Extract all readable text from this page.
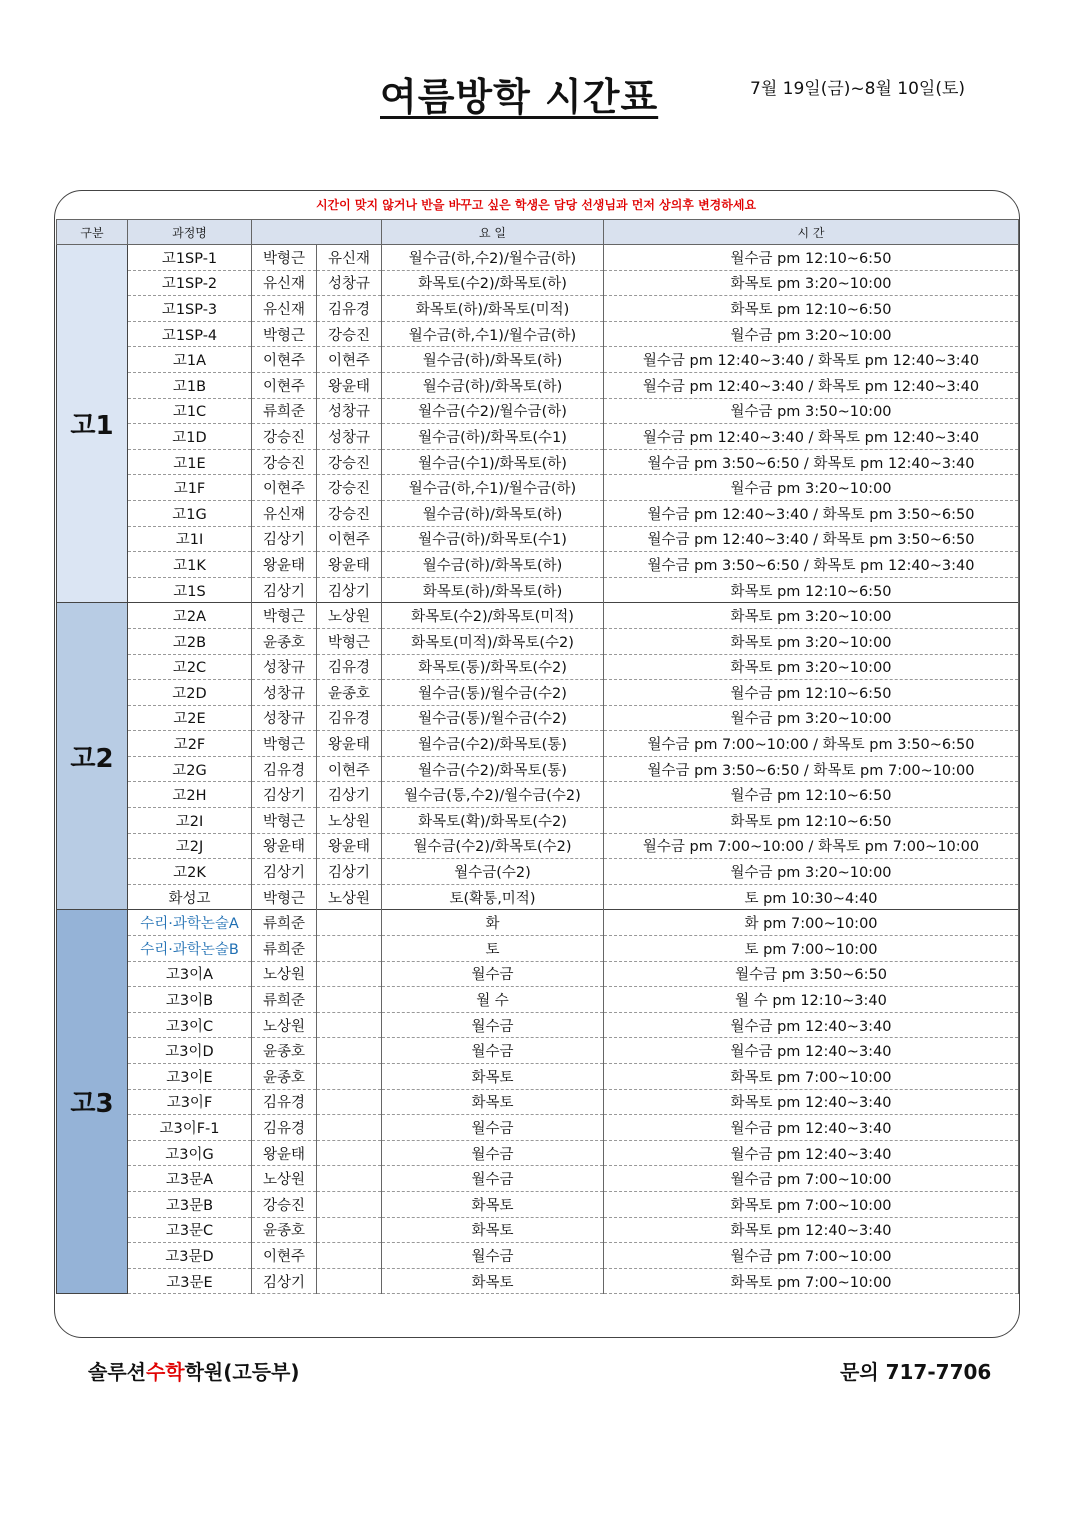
여름방학 시간표	7월 19일(금)~8월 10일(토)
시간이 맞지 않거나 반을 바꾸고 싶은 학생은 담당 선생님과 먼저 상의후 변경하세요
구분	과정명			요 일	시 간
고1	고1SP-1	박형근	유신재	월수금(하,수2)/월수금(하)	월수금 pm 12:10~6:50
	고1SP-2	유신재	성창규	화목토(수2)/화목토(하)	화목토 pm 3:20~10:00
	고1SP-3	유신재	김유경	화목토(하)/화목토(미적)	화목토 pm 12:10~6:50
	고1SP-4	박형근	강승진	월수금(하,수1)/월수금(하)	월수금 pm 3:20~10:00
	고1A	이현주	이현주	월수금(하)/화목토(하)	월수금 pm 12:40~3:40 / 화목토 pm 12:40~3:40
	고1B	이현주	왕윤태	월수금(하)/화목토(하)	월수금 pm 12:40~3:40 / 화목토 pm 12:40~3:40
	고1C	류희준	성창규	월수금(수2)/월수금(하)	월수금 pm 3:50~10:00
	고1D	강승진	성창규	월수금(하)/화목토(수1)	월수금 pm 12:40~3:40 / 화목토 pm 12:40~3:40
	고1E	강승진	강승진	월수금(수1)/화목토(하)	월수금 pm 3:50~6:50 / 화목토 pm 12:40~3:40
	고1F	이현주	강승진	월수금(하,수1)/월수금(하)	월수금 pm 3:20~10:00
	고1G	유신재	강승진	월수금(하)/화목토(하)	월수금 pm 12:40~3:40 / 화목토 pm 3:50~6:50
	고1I	김상기	이현주	월수금(하)/화목토(수1)	월수금 pm 12:40~3:40 / 화목토 pm 3:50~6:50
	고1K	왕윤태	왕윤태	월수금(하)/화목토(하)	월수금 pm 3:50~6:50 / 화목토 pm 12:40~3:40
	고1S	김상기	김상기	화목토(하)/화목토(하)	화목토 pm 12:10~6:50
고2	고2A	박형근	노상원	화목토(수2)/화목토(미적)	화목토 pm 3:20~10:00
	고2B	윤종호	박형근	화목토(미적)/화목토(수2)	화목토 pm 3:20~10:00
	고2C	성창규	김유경	화목토(통)/화목토(수2)	화목토 pm 3:20~10:00
	고2D	성창규	윤종호	월수금(통)/월수금(수2)	월수금 pm 12:10~6:50
	고2E	성창규	김유경	월수금(통)/월수금(수2)	월수금 pm 3:20~10:00
	고2F	박형근	왕윤태	월수금(수2)/화목토(통)	월수금 pm 7:00~10:00 / 화목토 pm 3:50~6:50
	고2G	김유경	이현주	월수금(수2)/화목토(통)	월수금 pm 3:50~6:50 / 화목토 pm 7:00~10:00
	고2H	김상기	김상기	월수금(통,수2)/월수금(수2)	월수금 pm 12:10~6:50
	고2I	박형근	노상원	화목토(확)/화목토(수2)	화목토 pm 12:10~6:50
	고2J	왕윤태	왕윤태	월수금(수2)/화목토(수2)	월수금 pm 7:00~10:00 / 화목토 pm 7:00~10:00
	고2K	김상기	김상기	월수금(수2)	월수금 pm 3:20~10:00
	화성고	박형근	노상원	토(확통,미적)	토 pm 10:30~4:40
고3	수리·과학논술A	류희준		화	화 pm 7:00~10:00
	수리·과학논술B	류희준		토	토 pm 7:00~10:00
	고3이A	노상원		월수금	월수금 pm 3:50~6:50
	고3이B	류희준		월 수	월 수 pm 12:10~3:40
	고3이C	노상원		월수금	월수금 pm 12:40~3:40
	고3이D	윤종호		월수금	월수금 pm 12:40~3:40
	고3이E	윤종호		화목토	화목토 pm 7:00~10:00
	고3이F	김유경		화목토	화목토 pm 12:40~3:40
	고3이F-1	김유경		월수금	월수금 pm 12:40~3:40
	고3이G	왕윤태		월수금	월수금 pm 12:40~3:40
	고3문A	노상원		월수금	월수금 pm 7:00~10:00
	고3문B	강승진		화목토	화목토 pm 7:00~10:00
	고3문C	윤종호		화목토	화목토 pm 12:40~3:40
	고3문D	이현주		월수금	월수금 pm 7:00~10:00
	고3문E	김상기		화목토	화목토 pm 7:00~10:00
솔루션수학학원(고등부)	문의 717-7706
